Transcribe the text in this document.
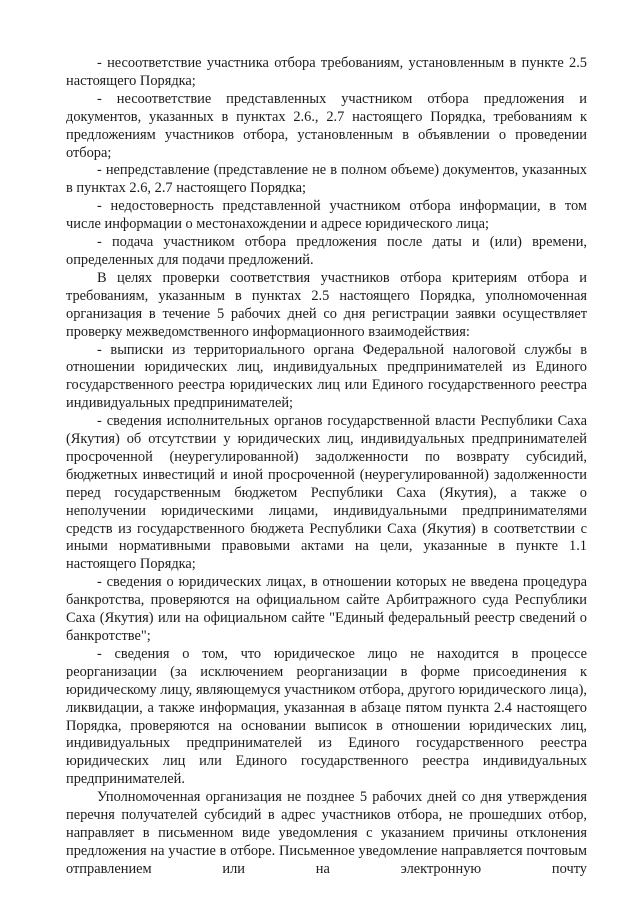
- несоответствие участника отбора требованиям, установленным в пункте 2.5 настоящего Порядка;

- несоответствие представленных участником отбора предложения и документов, указанных в пунктах 2.6., 2.7 настоящего Порядка, требованиям к предложениям участников отбора, установленным в объявлении о проведении отбора;

- непредставление (представление не в полном объеме) документов, указанных в пунктах 2.6, 2.7 настоящего Порядка;

- недостоверность представленной участником отбора информации, в том числе информации о местонахождении и адресе юридического лица;

- подача участником отбора предложения после даты и (или) времени, определенных для подачи предложений.

В целях проверки соответствия участников отбора критериям отбора и требованиям, указанным в пунктах 2.5 настоящего Порядка, уполномоченная организация в течение 5 рабочих дней со дня регистрации заявки осуществляет проверку межведомственного информационного взаимодействия:

- выписки из территориального органа Федеральной налоговой службы в отношении юридических лиц, индивидуальных предпринимателей из Единого государственного реестра юридических лиц или Единого государственного реестра индивидуальных предпринимателей;

- сведения исполнительных органов государственной власти Республики Саха (Якутия) об отсутствии у юридических лиц, индивидуальных предпринимателей просроченной (неурегулированной) задолженности по возврату субсидий, бюджетных инвестиций и иной просроченной (неурегулированной) задолженности перед государственным бюджетом Республики Саха (Якутия), а также о неполучении юридическими лицами, индивидуальными предпринимателями средств из государственного бюджета Республики Саха (Якутия) в соответствии с иными нормативными правовыми актами на цели, указанные в пункте 1.1 настоящего Порядка;

- сведения о юридических лицах, в отношении которых не введена процедура банкротства, проверяются на официальном сайте Арбитражного суда Республики Саха (Якутия) или на официальном сайте "Единый федеральный реестр сведений о банкротстве";

- сведения о том, что юридическое лицо не находится в процессе реорганизации (за исключением реорганизации в форме присоединения к юридическому лицу, являющемуся участником отбора, другого юридического лица), ликвидации, а также информация, указанная в абзаце пятом пункта 2.4 настоящего Порядка, проверяются на основании выписок в отношении юридических лиц, индивидуальных предпринимателей из Единого государственного реестра юридических лиц или Единого государственного реестра индивидуальных предпринимателей.

Уполномоченная организация не позднее 5 рабочих дней со дня утверждения перечня получателей субсидий в адрес участников отбора, не прошедших отбор, направляет в письменном виде уведомления с указанием причины отклонения предложения на участие в отборе. Письменное уведомление направляется почтовым отправлением или на электронную почту
